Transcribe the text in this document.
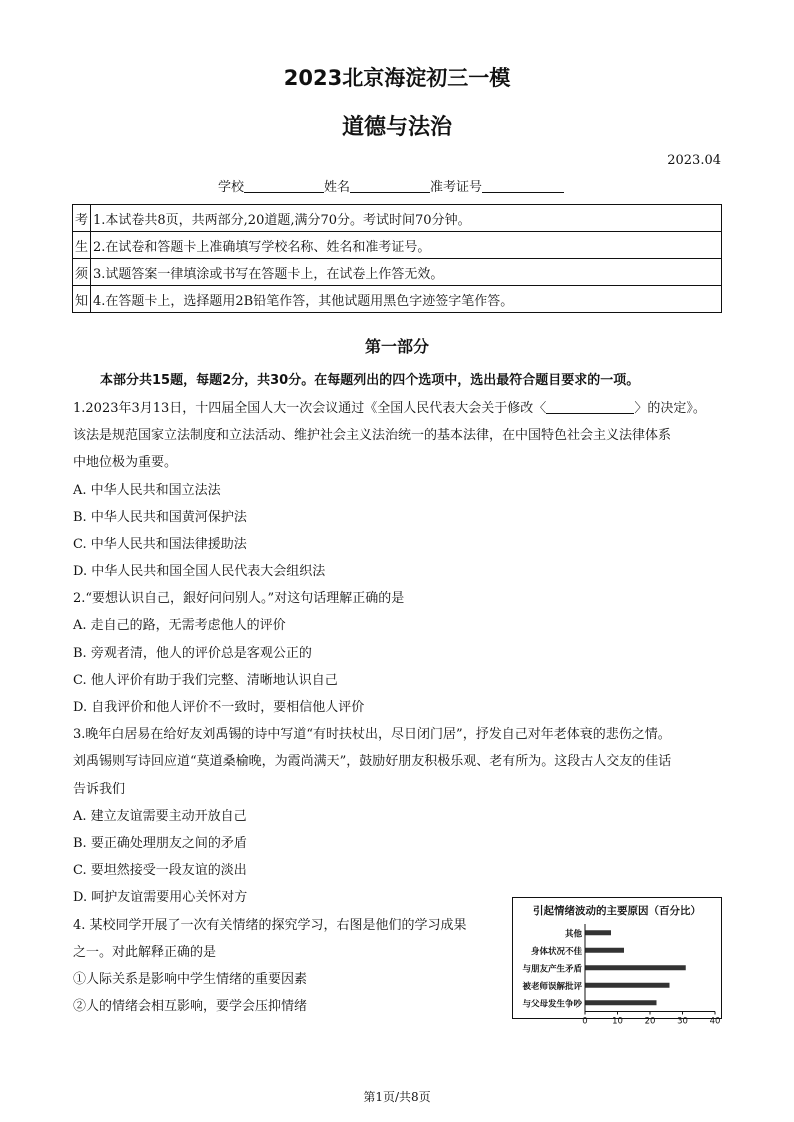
2023北京海淀初三一模
道德与法治
2023.04
学校	姓名	准考证号
考	1.本试卷共8页，共两部分,20道题,满分70分。考试时间70分钟。
生	2.在试卷和答题卡上准确填写学校名称、姓名和准考证号。
须	3.试题答案一律填涂或书写在答题卡上，在试卷上作答无效。
知	4.在答题卡上，选择题用2B铅笔作答，其他试题用黑色字迹签字笔作答。
第一部分
本部分共15题，每题2分，共30分。在每题列出的四个选项中，选出最符合题目要求的一项。
1.2023年3月13日，十四届全国人大一次会议通过《全国人民代表大会关于修改〈	〉的决定》。
该法是规范国家立法制度和立法活动、维护社会主义法治统一的基本法律，在中国特色社会主义法律体系
中地位极为重要。
A. 中华人民共和国立法法
B. 中华人民共和国黄河保护法
C. 中华人民共和国法律援助法
D. 中华人民共和国全国人民代表大会组织法
2.“要想认识自己，銀好问问别人。”对这句话理解正确的是
A. 走自己的路，无需考虑他人的评价
B. 旁观者清，他人的评价总是客观公正的
C. 他人评价有助于我们完整、清晰地认识自己
D. 自我评价和他人评价不一致时，要相信他人评价
3.晚年白居易在给好友刘禹锡的诗中写道“有时扶杖出，尽日闭门居”，抒发自己对年老体衰的悲伤之情。
刘禹锡则写诗回应道“莫道桑榆晚，为霞尚满天”，鼓励好朋友积极乐观、老有所为。这段古人交友的佳话
告诉我们
A. 建立友谊需要主动开放自己
B. 要正确处理朋友之间的矛盾
C. 要坦然接受一段友谊的淡出
D. 呵护友谊需要用心关怀对方
4. 某校同学开展了一次有关情绪的探究学习，右图是他们的学习成果
之一。对此解释正确的是
①人际关系是影响中学生情绪的重要因素
②人的情绪会相互影响，要学会压抑情绪
引起情绪波动的主要原因（百分比）
其他
身体状况不佳
与朋友产生矛盾
被老师误解批评
与父母发生争吵
0	10	20	30	40
第1页/共8页
